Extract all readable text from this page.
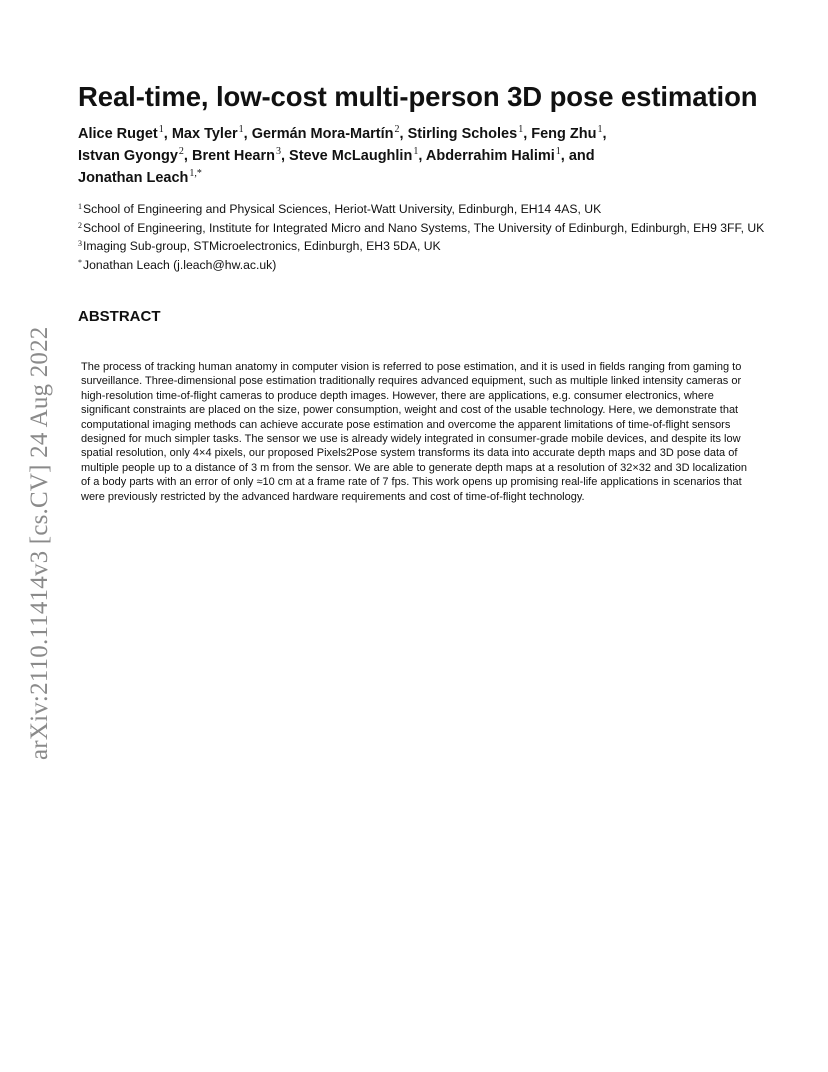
arXiv:2110.11414v3 [cs.CV] 24 Aug 2022
Real-time, low-cost multi-person 3D pose estimation
Alice Ruget$^1$, Max Tyler$^1$, Germán Mora-Martín$^2$, Stirling Scholes$^1$, Feng Zhu$^1$,
Istvan Gyongy$^2$, Brent Hearn$^3$, Steve McLaughlin$^1$, Abderrahim Halimi$^1$, and
Jonathan Leach$^{1,*}$

$^1$School of Engineering and Physical Sciences, Heriot-Watt University, Edinburgh, EH14 4AS, UK

$^2$School of Engineering, Institute for Integrated Micro and Nano Systems, The University of Edinburgh, Edinburgh, EH9 3FF, UK

$^3$Imaging Sub-group, STMicroelectronics, Edinburgh, EH3 5DA, UK

*Jonathan Leach (j.leach@hw.ac.uk)

ABSTRACT

The process of tracking human anatomy in computer vision is referred to pose estimation, and it is used in fields ranging from gaming to surveillance. Three-dimensional pose estimation traditionally requires advanced equipment, such as multiple linked intensity cameras or high-resolution time-of-flight cameras to produce depth images. However, there are applications, e.g. consumer electronics, where significant constraints are placed on the size, power consumption, weight and cost of the usable technology. Here, we demonstrate that computational imaging methods can achieve accurate pose estimation and overcome the apparent limitations of time-of-flight sensors designed for much simpler tasks. The sensor we use is already widely integrated in consumer-grade mobile devices, and despite its low spatial resolution, only 4×4 pixels, our proposed Pixels2Pose system transforms its data into accurate depth maps and 3D pose data of multiple people up to a distance of 3 m from the sensor. We are able to generate depth maps at a resolution of 32×32 and 3D localization of a body parts with an error of only ≈10 cm at a frame rate of 7 fps. This work opens up promising real-life applications in scenarios that were previously restricted by the advanced hardware requirements and cost of time-of-flight technology.
